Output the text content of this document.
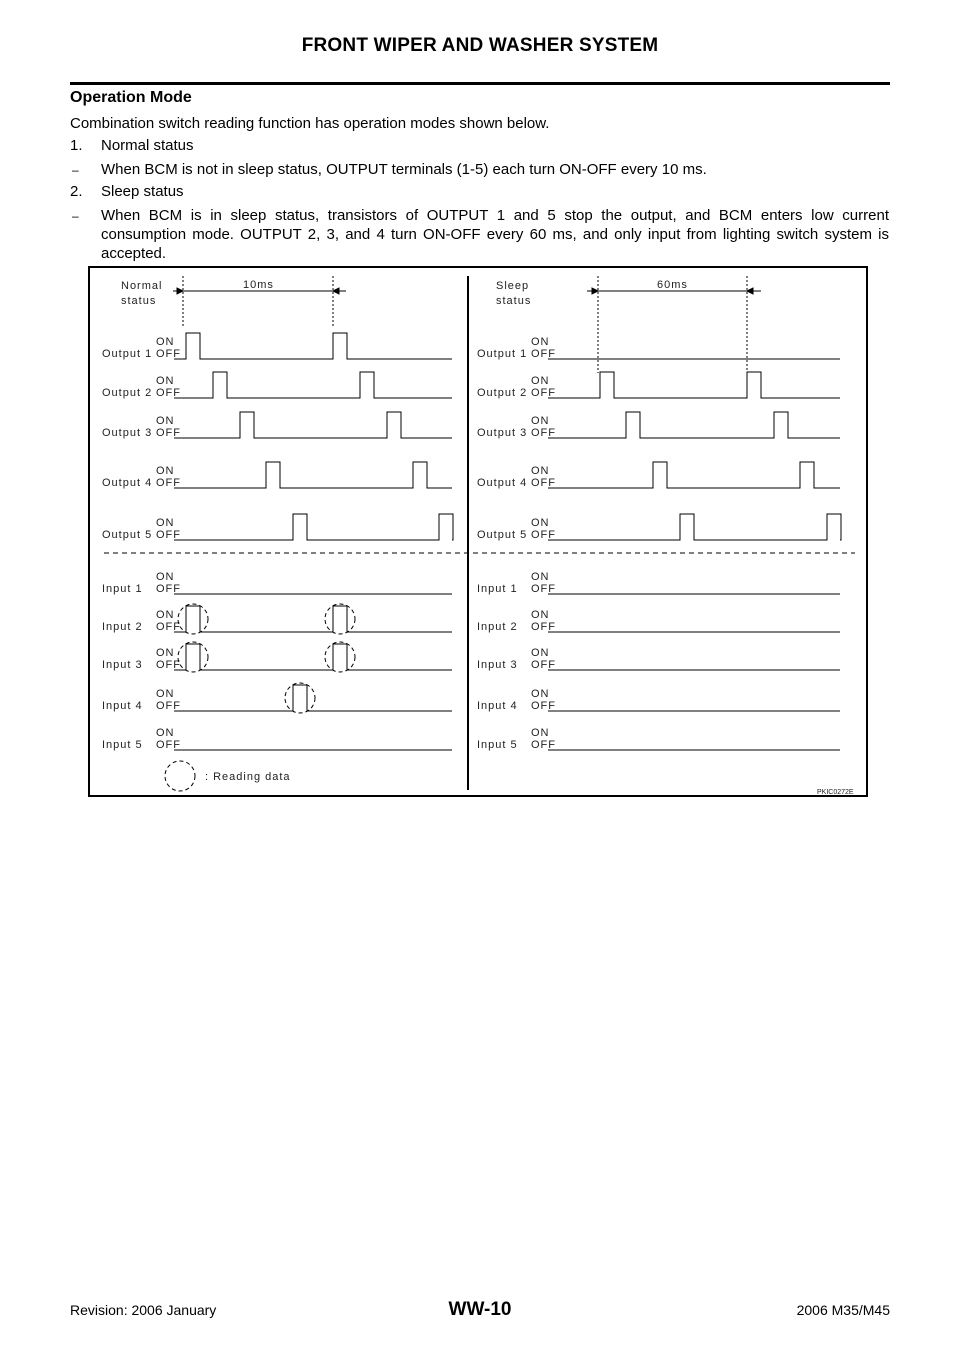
FRONT WIPER AND WASHER SYSTEM
Operation Mode
Combination switch reading function has operation modes shown below.
1. Normal status
– When BCM is not in sleep status, OUTPUT terminals (1-5) each turn ON-OFF every 10 ms.
2. Sleep status
– When BCM is in sleep status, transistors of OUTPUT 1 and 5 stop the output, and BCM enters low current consumption mode. OUTPUT 2, 3, and 4 turn ON-OFF every 60 ms, and only input from lighting switch system is accepted.
Normal
status
Sleep
status
10ms	60ms
Output 1
ON
OFF
Output 2
ON
OFF
Output 3
ON
OFF
Output 4
ON
OFF
Output 5
ON
OFF
Input 1
ON
OFF
Input 2
ON
OFF
Input 3
ON
OFF
Input 4
ON
OFF
Input 5
ON
OFF
Output 1
ON
OFF
Output 2
ON
OFF
Output 3
ON
OFF
Output 4
ON
OFF
Output 5
ON
OFF
Input 1
ON
OFF
Input 2
ON
OFF
Input 3
ON
OFF
Input 4
ON
OFF
Input 5
ON
OFF
: Reading data
PKIC0272E
Revision: 2006 January	WW-10	2006 M35/M45
